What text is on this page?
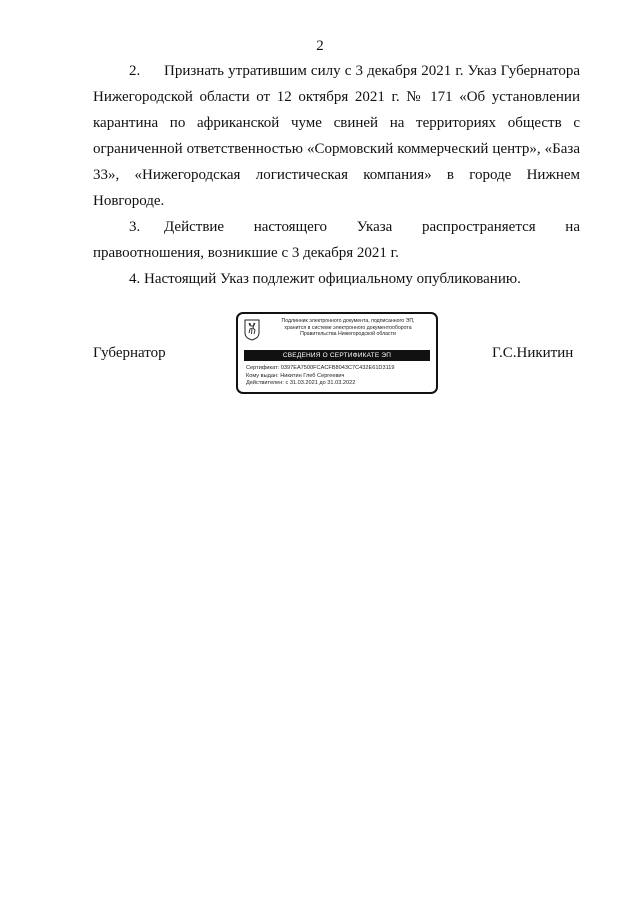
2

2. Признать утратившим силу с 3 декабря 2021 г. Указ Губернатора Нижегородской области от 12 октября 2021 г. № 171 «Об установлении карантина по африканской чуме свиней на территориях обществ с ограниченной ответственностью «Сормовский коммерческий центр», «База 33», «Нижегородская логистическая компания» в городе Нижнем Новгороде.

3. Действие настоящего Указа распространяется на правоотношения, возникшие с 3 декабря 2021 г.

4. Настоящий Указ подлежит официальному опубликованию.

Губернатор	Г.С.Никитин
Подлинник электронного документа, подписанного ЭП,
хранится в системе электронного документооборота
Правительства Нижегородской области
СВЕДЕНИЯ О СЕРТИФИКАТЕ ЭП
Сертификат: 0397EA7500FCACFB8043C7C432E61D3119
Кому выдан: Никитин Глеб Сергеевич
Действителен: с 31.03.2021 до 31.03.2022
